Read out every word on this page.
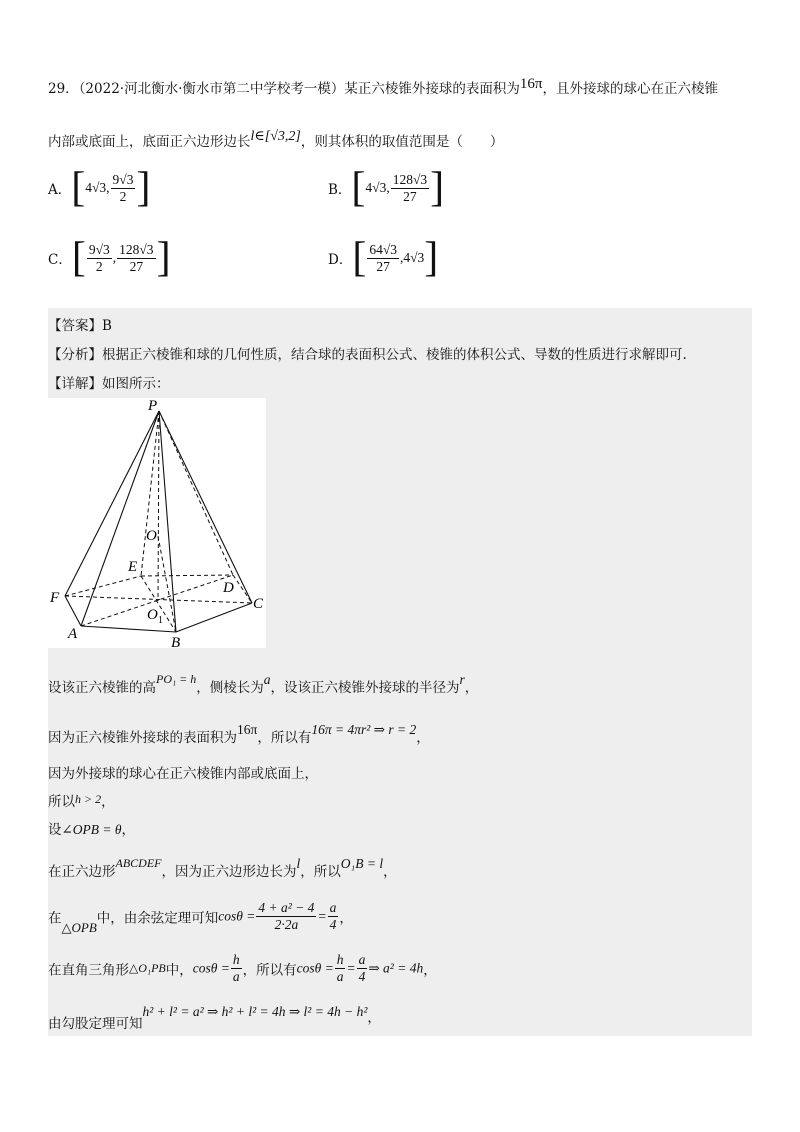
29．（2022·河北衡水·衡水市第二中学校考一模）某正六棱锥外接球的表面积为16π，且外接球的球心在正六棱锥
内部或底面上，底面正六边形边长l∈[√3,2]，则其体积的取值范围是（　　）
A．[4√3, $\frac{9√3}{2}$ ]	B．[4√3, $\frac{128√3}{27}$ ]
C．[ $\frac{9√3}{2}$ , $\frac{128√3}{27}$ ]	D．[ $\frac{64√3}{27} ,4√3$]
【答案】B
【分析】根据正六棱锥和球的几何性质，结合球的表面积公式、棱锥的体积公式、导数的性质进行求解即可.
【详解】如图所示：
P
O
E
D
F	C
O 1
A
B
设该正六棱锥的高PO₁ = h，侧棱长为a，设该正六棱锥外接球的半径为r，
因为正六棱锥外接球的表面积为16π，所以有16π = 4πr² ⇒ r = 2，
因为外接球的球心在正六棱锥内部或底面上，
所以h > 2，
设∠OPB = θ，
在正六边形ABCDEF，因为正六边形边长为l，所以O₁B = l，
在△OPB中，由余弦定理可知$\cos\theta = \frac{\text{4 + a² − 4}}{2\cdot 2a} = \frac{a}{4}$ ，
在直角三角形△O₁PB中，$\cos\theta = \frac{h}{a}$ ，所以有$\cos\theta = \frac{h}{a} = \frac{a}{4}$ ⇒ a² = 4h，
由勾股定理可知h² + l² = a² ⇒ h² + l² = 4h ⇒ l² = 4h − h²，
